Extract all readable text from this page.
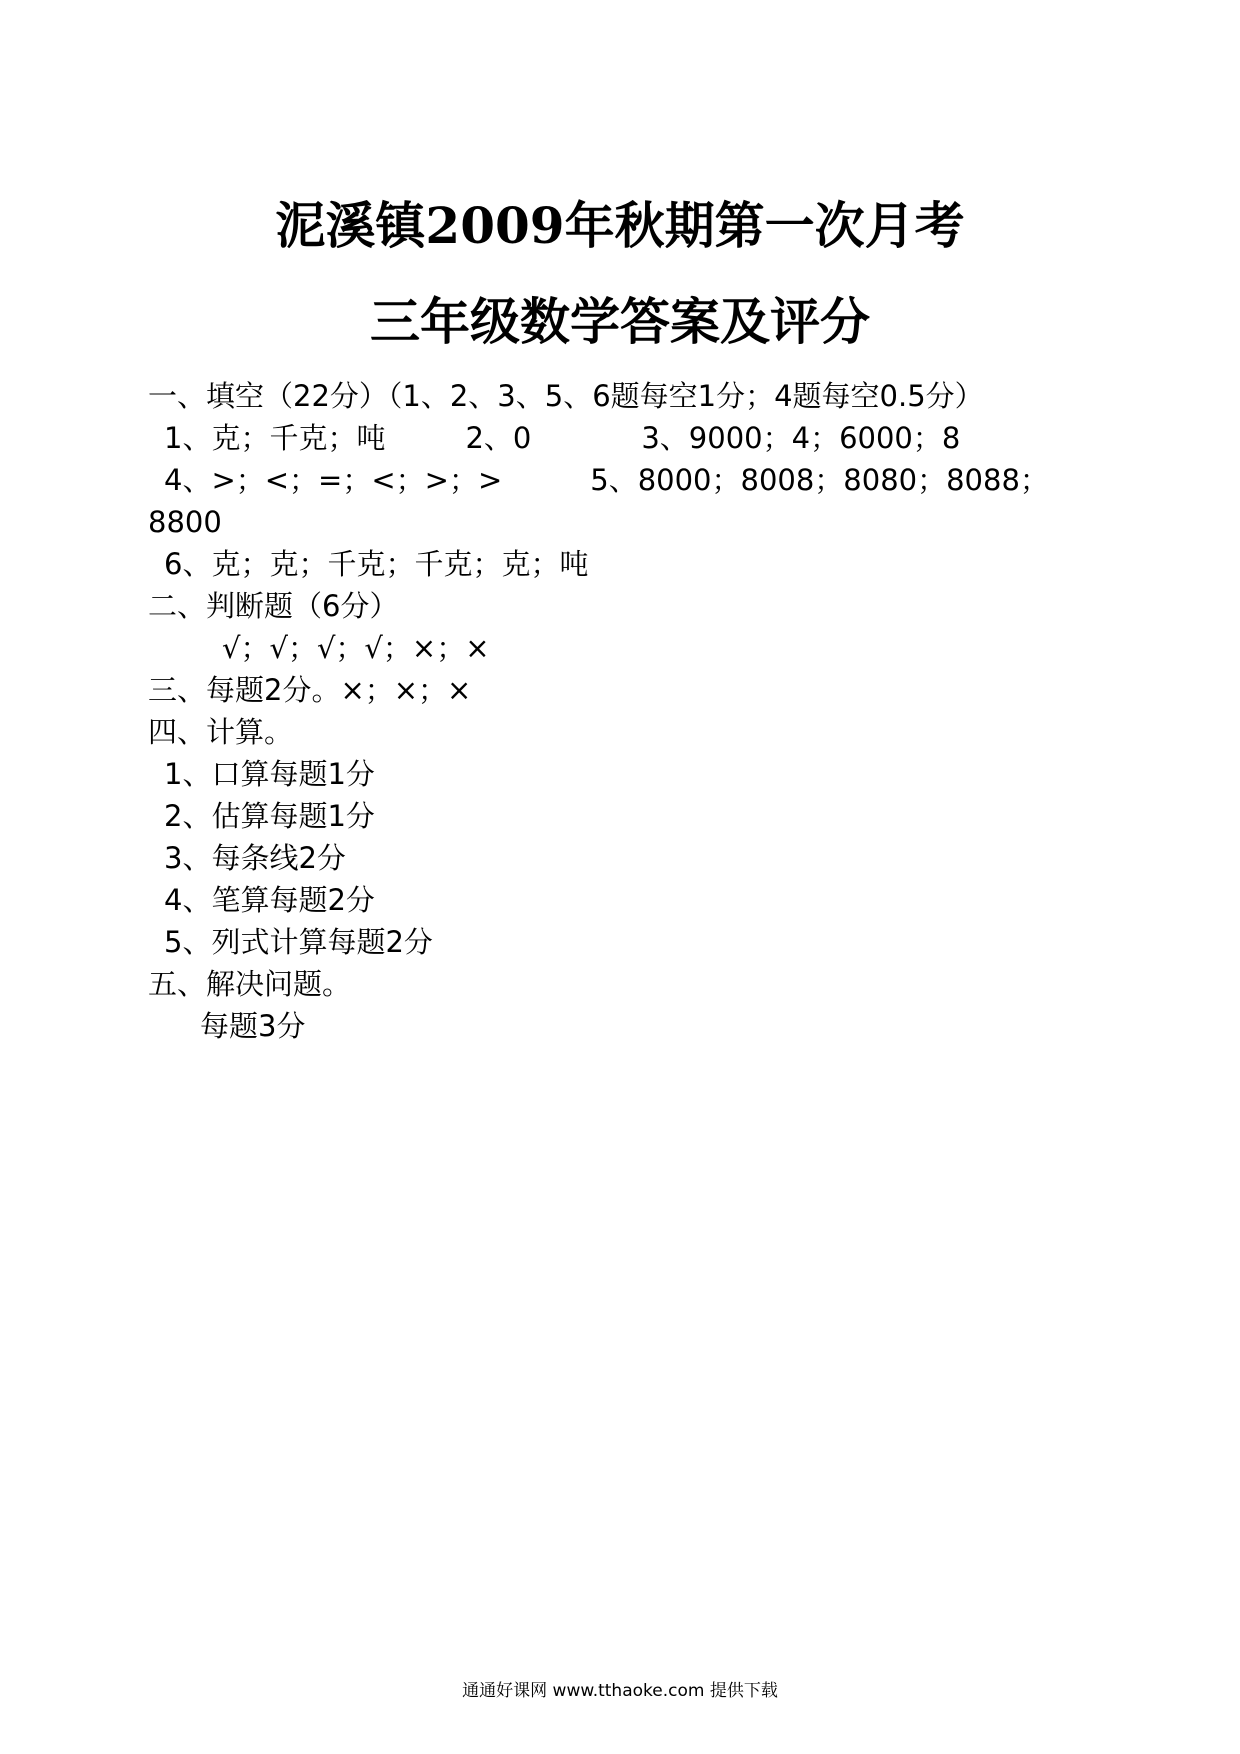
泥溪镇2009年秋期第一次月考
三年级数学答案及评分
一、填空（22分）（1、2、3、5、6题每空1分；4题每空0.5分）
1、克；千克；吨	2、0	3、9000；4；6000；8
4、>；<；=；<；>；>	5、8000；8008；8080；8088；
8800
6、克；克；千克；千克；克；吨
二、判断题（6分）
√；√；√；√；×；×
三、每题2分。×；×；×
四、计算。
1、口算每题1分
2、估算每题1分
3、每条线2分
4、笔算每题2分
5、列式计算每题2分
五、解决问题。
每题3分
通通好课网 www.tthaoke.com 提供下载
